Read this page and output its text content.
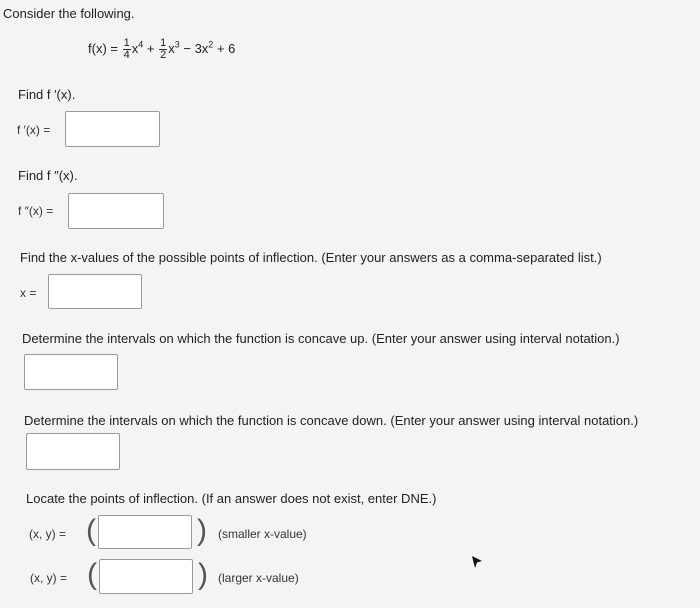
Consider the following.
$f(x) = \frac{1}{4} x^4 + \frac{1}{2} x^3 - 3x^2 + 6$
Find f ′(x).
f ′(x) =
Find f ″(x).
f ″(x) =
Find the x-values of the possible points of inflection. (Enter your answers as a comma-separated list.)
x =
Determine the intervals on which the function is concave up. (Enter your answer using interval notation.)
Determine the intervals on which the function is concave down. (Enter your answer using interval notation.)
Locate the points of inflection. (If an answer does not exist, enter DNE.)
(x, y) = (	) (smaller x-value)
(x, y) = (	) (larger x-value)
